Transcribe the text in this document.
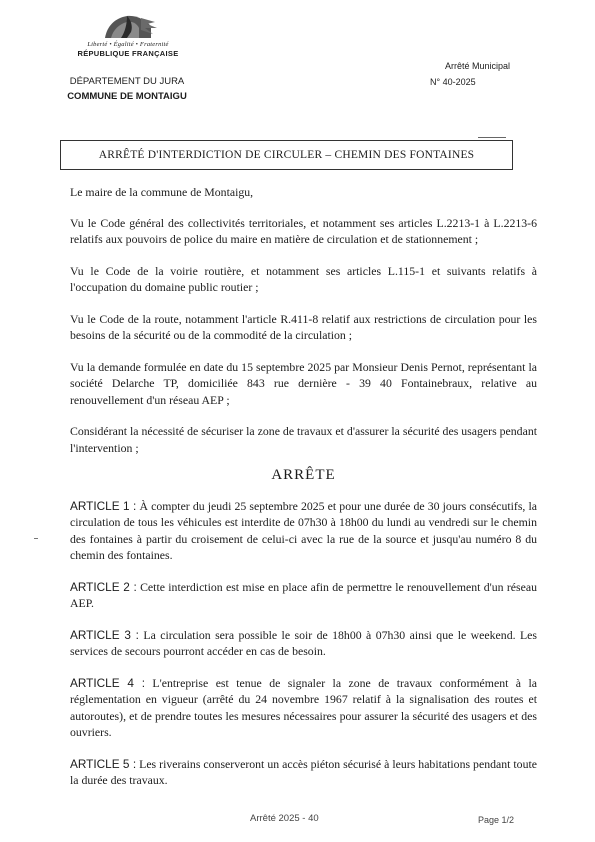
Liberté • Égalité • Fraternité
RÉPUBLIQUE FRANÇAISE
DÉPARTEMENT DU JURA
COMMUNE DE MONTAIGU
Arrêté Municipal
N° 40-2025
ARRÊTÉ D'INTERDICTION DE CIRCULER – CHEMIN DES FONTAINES

Le maire de la commune de Montaigu,

Vu le Code général des collectivités territoriales, et notamment ses articles L.2213-1 à L.2213-6 relatifs aux pouvoirs de police du maire en matière de circulation et de stationnement ;

Vu le Code de la voirie routière, et notamment ses articles L.115-1 et suivants relatifs à l'occupation du domaine public routier ;

Vu le Code de la route, notamment l'article R.411-8 relatif aux restrictions de circulation pour les besoins de la sécurité ou de la commodité de la circulation ;

Vu la demande formulée en date du 15 septembre 2025 par Monsieur Denis Pernot, représentant la société Delarche TP, domiciliée 843 rue dernière - 39 40 Fontainebraux, relative au renouvellement d'un réseau AEP ;

Considérant la nécessité de sécuriser la zone de travaux et d'assurer la sécurité des usagers pendant l'intervention ;

ARRÊTE

ARTICLE 1 : À compter du jeudi 25 septembre 2025 et pour une durée de 30 jours consécutifs, la circulation de tous les véhicules est interdite de 07h30 à 18h00 du lundi au vendredi sur le chemin des fontaines à partir du croisement de celui-ci avec la rue de la source et jusqu'au numéro 8 du chemin des fontaines.

ARTICLE 2 : Cette interdiction est mise en place afin de permettre le renouvellement d'un réseau AEP.

ARTICLE 3 : La circulation sera possible le soir de 18h00 à 07h30 ainsi que le weekend. Les services de secours pourront accéder en cas de besoin.

ARTICLE 4 : L'entreprise est tenue de signaler la zone de travaux conformément à la réglementation en vigueur (arrêté du 24 novembre 1967 relatif à la signalisation des routes et autoroutes), et de prendre toutes les mesures nécessaires pour assurer la sécurité des usagers et des ouvriers.

ARTICLE 5 : Les riverains conserveront un accès piéton sécurisé à leurs habitations pendant toute la durée des travaux.

Arrêté 2025 - 40	Page 1/2
